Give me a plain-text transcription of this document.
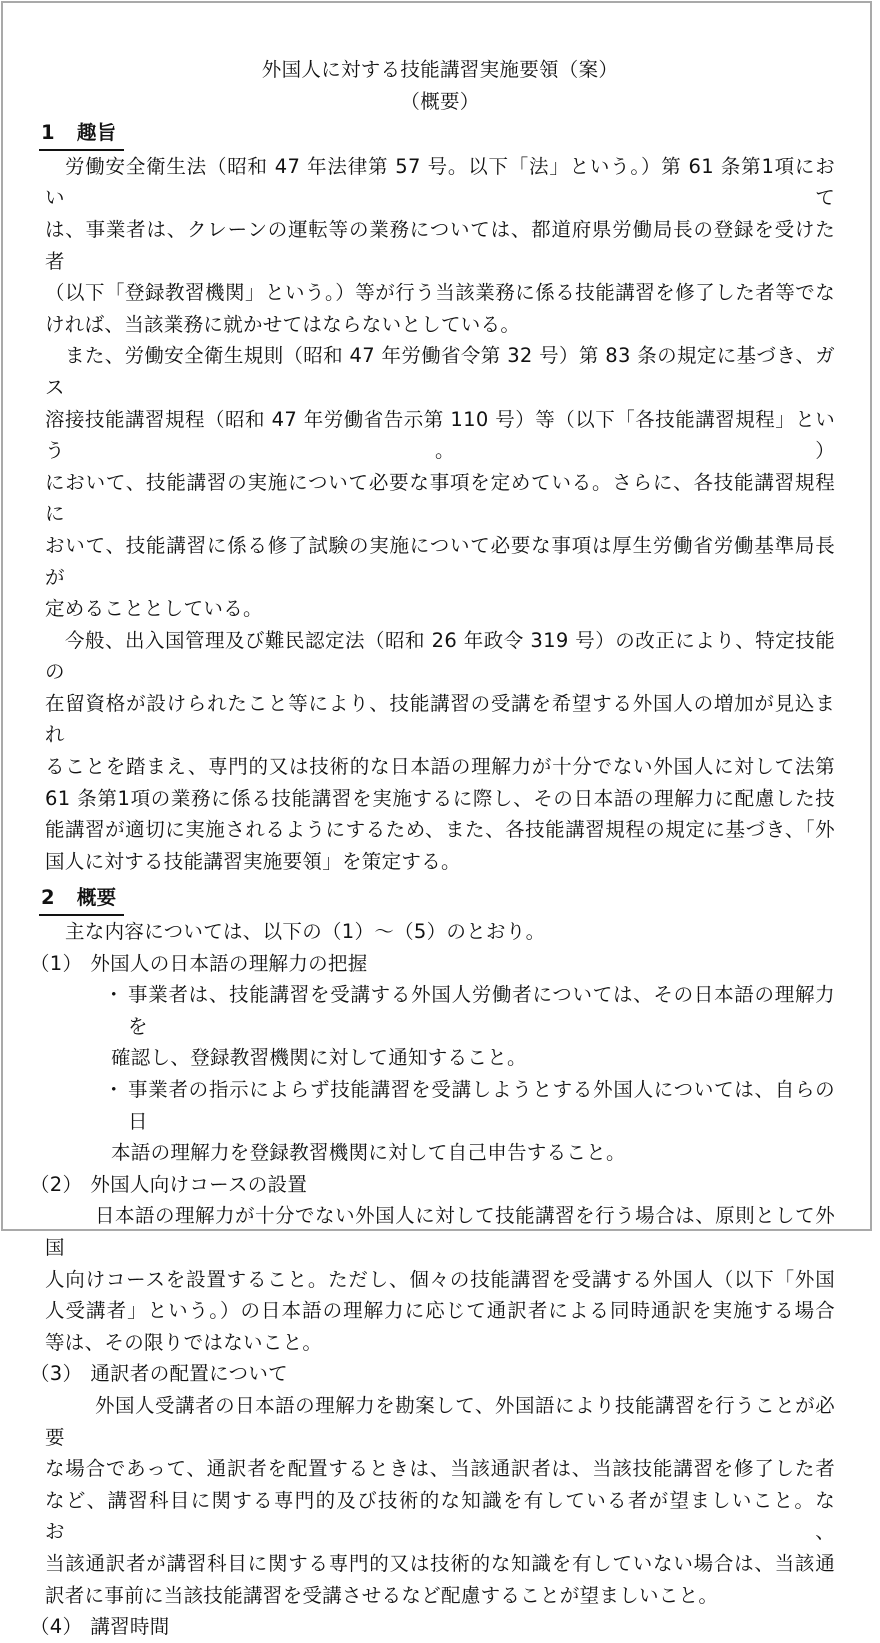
外国人に対する技能講習実施要領（案）
（概要）
1 趣旨
労働安全衛生法（昭和 47 年法律第 57 号。以下「法」という。）第 61 条第1項において
は、事業者は、クレーンの運転等の業務については、都道府県労働局長の登録を受けた者
（以下「登録教習機関」という。）等が行う当該業務に係る技能講習を修了した者等でな
ければ、当該業務に就かせてはならないとしている。
また、労働安全衛生規則（昭和 47 年労働省令第 32 号）第 83 条の規定に基づき、ガス
溶接技能講習規程（昭和 47 年労働省告示第 110 号）等（以下「各技能講習規程」という。）
において、技能講習の実施について必要な事項を定めている。さらに、各技能講習規程に
おいて、技能講習に係る修了試験の実施について必要な事項は厚生労働省労働基準局長が
定めることとしている。
今般、出入国管理及び難民認定法（昭和 26 年政令 319 号）の改正により、特定技能の
在留資格が設けられたこと等により、技能講習の受講を希望する外国人の増加が見込まれ
ることを踏まえ、専門的又は技術的な日本語の理解力が十分でない外国人に対して法第
61 条第1項の業務に係る技能講習を実施するに際し、その日本語の理解力に配慮した技
能講習が適切に実施されるようにするため、また、各技能講習規程の規定に基づき、「外
国人に対する技能講習実施要領」を策定する。
2 概要
主な内容については、以下の（1）～（5）のとおり。
（1） 外国人の日本語の理解力の把握
・ 事業者は、技能講習を受講する外国人労働者については、その日本語の理解力を
確認し、登録教習機関に対して通知すること。
・ 事業者の指示によらず技能講習を受講しようとする外国人については、自らの日
本語の理解力を登録教習機関に対して自己申告すること。
（2） 外国人向けコースの設置
日本語の理解力が十分でない外国人に対して技能講習を行う場合は、原則として外国
人向けコースを設置すること。ただし、個々の技能講習を受講する外国人（以下「外国
人受講者」という。）の日本語の理解力に応じて通訳者による同時通訳を実施する場合
等は、その限りではないこと。
（3） 通訳者の配置について
外国人受講者の日本語の理解力を勘案して、外国語により技能講習を行うことが必要
な場合であって、通訳者を配置するときは、当該通訳者は、当該技能講習を修了した者
など、講習科目に関する専門的及び技術的な知識を有している者が望ましいこと。なお、
当該通訳者が講習科目に関する専門的又は技術的な知識を有していない場合は、当該通
訳者に事前に当該技能講習を受講させるなど配慮することが望ましいこと。
（4） 講習時間
